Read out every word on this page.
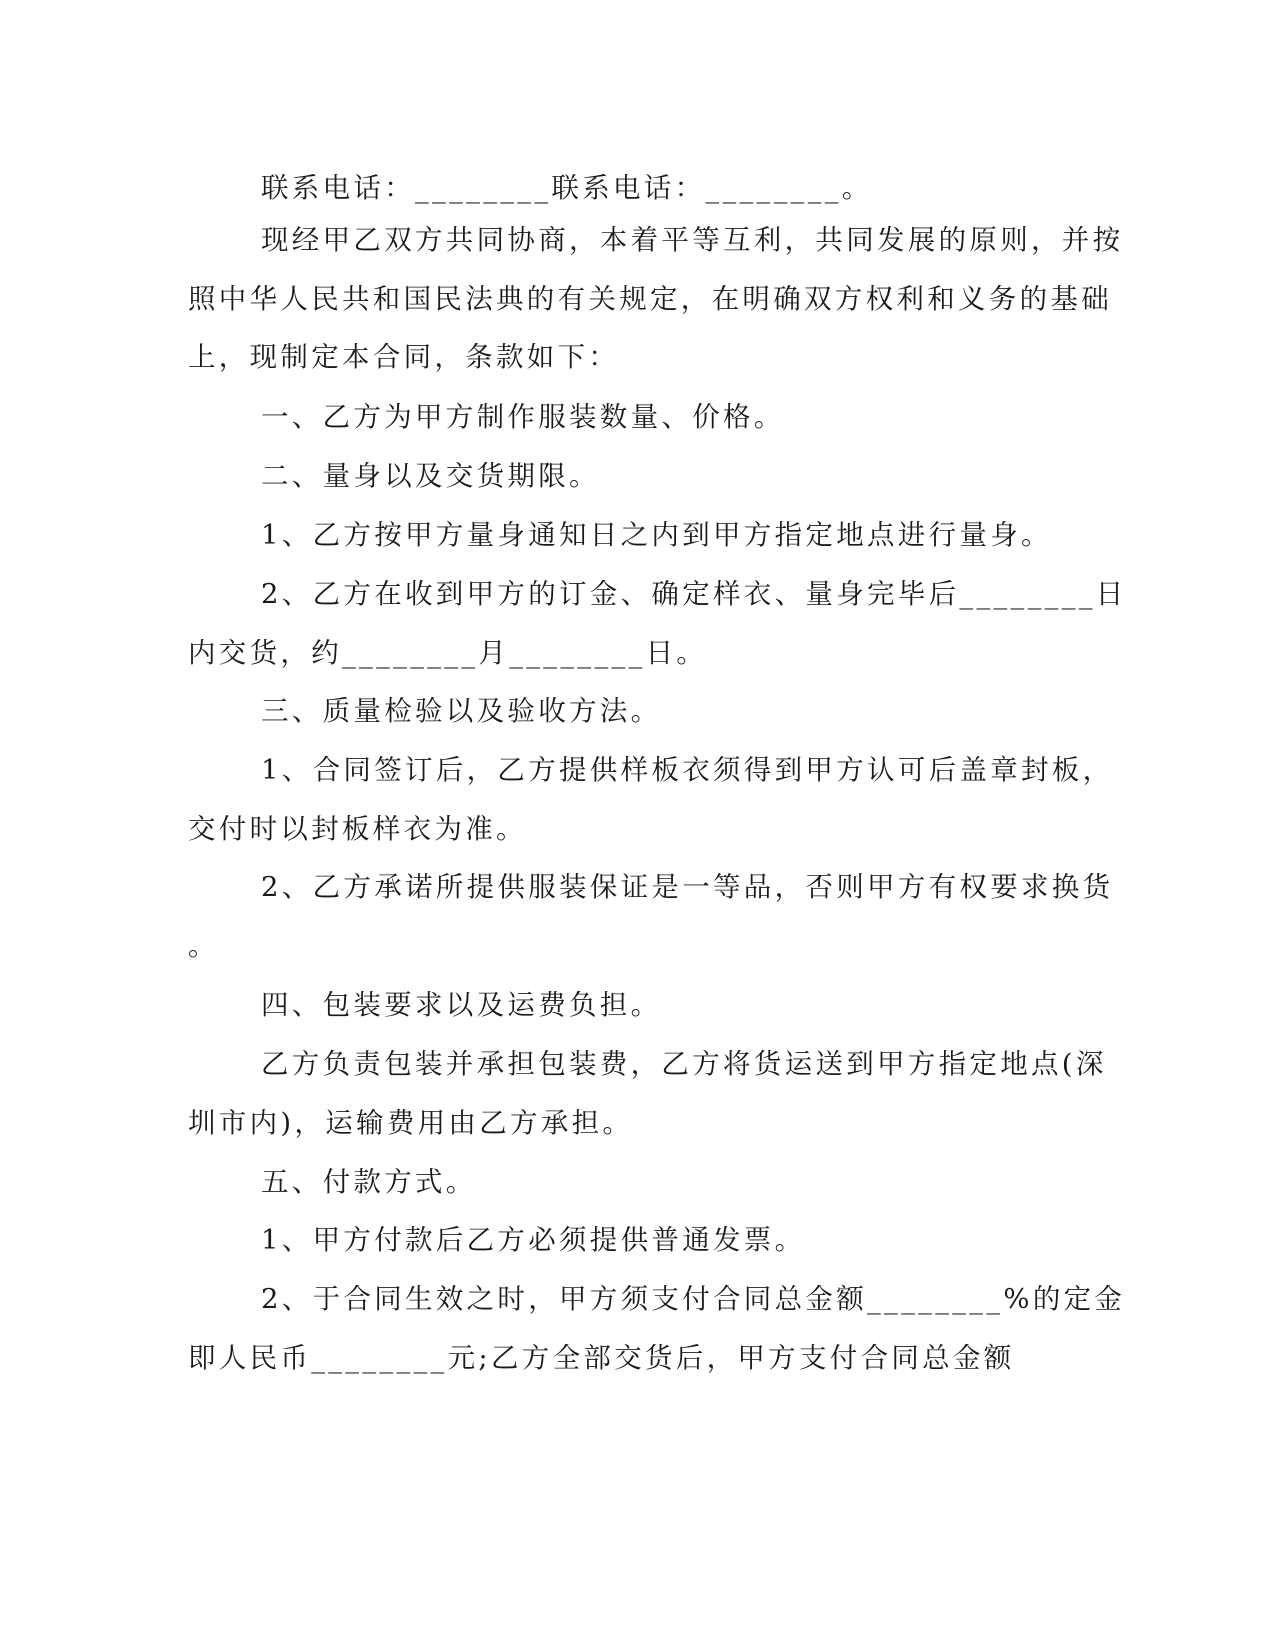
联系电话：________联系电话：________。
现经甲乙双方共同协商，本着平等互利，共同发展的原则，并按
照中华人民共和国民法典的有关规定，在明确双方权利和义务的基础
上，现制定本合同，条款如下：
一、乙方为甲方制作服装数量、价格。
二、量身以及交货期限。
1、乙方按甲方量身通知日之内到甲方指定地点进行量身。
2、乙方在收到甲方的订金、确定样衣、量身完毕后________日
内交货，约________月________日。
三、质量检验以及验收方法。
1、合同签订后，乙方提供样板衣须得到甲方认可后盖章封板，
交付时以封板样衣为准。
2、乙方承诺所提供服装保证是一等品，否则甲方有权要求换货
。
四、包装要求以及运费负担。
乙方负责包装并承担包装费，乙方将货运送到甲方指定地点(深
圳市内)，运输费用由乙方承担。
五、付款方式。
1、甲方付款后乙方必须提供普通发票。
2、于合同生效之时，甲方须支付合同总金额________%的定金
即人民币________元;乙方全部交货后，甲方支付合同总金额
